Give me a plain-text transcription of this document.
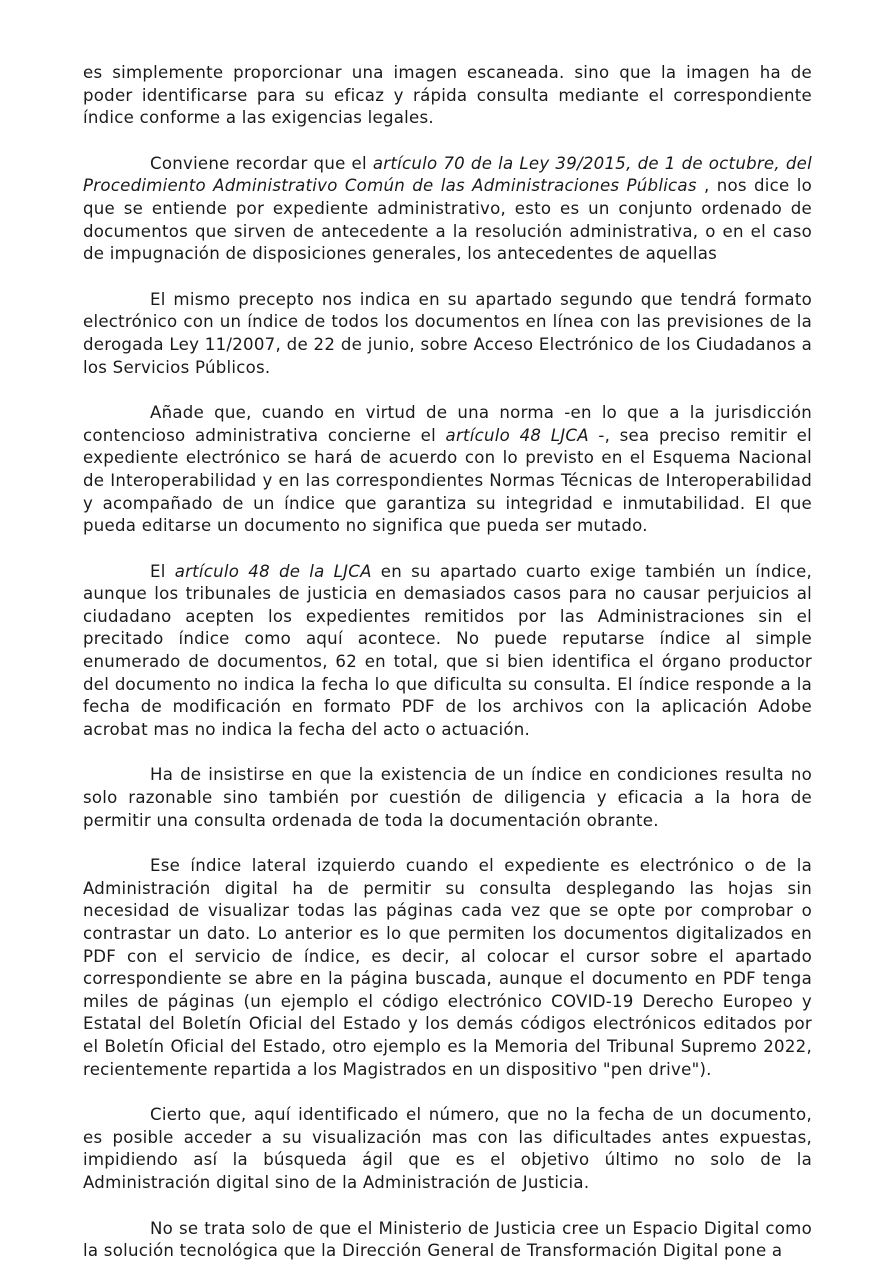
es simplemente proporcionar una imagen escaneada. sino que la imagen ha de poder identificarse para su eficaz y rápida consulta mediante el correspondiente índice conforme a las exigencias legales.

Conviene recordar que el artículo 70 de la Ley 39/2015, de 1 de octubre, del Procedimiento Administrativo Común de las Administraciones Públicas , nos dice lo que se entiende por expediente administrativo, esto es un conjunto ordenado de documentos que sirven de antecedente a la resolución administrativa, o en el caso de impugnación de disposiciones generales, los antecedentes de aquellas

El mismo precepto nos indica en su apartado segundo que tendrá formato electrónico con un índice de todos los documentos en línea con las previsiones de la derogada Ley 11/2007, de 22 de junio, sobre Acceso Electrónico de los Ciudadanos a los Servicios Públicos.

Añade que, cuando en virtud de una norma -en lo que a la jurisdicción contencioso administrativa concierne el artículo 48 LJCA -, sea preciso remitir el expediente electrónico se hará de acuerdo con lo previsto en el Esquema Nacional de Interoperabilidad y en las correspondientes Normas Técnicas de Interoperabilidad y acompañado de un índice que garantiza su integridad e inmutabilidad. El que pueda editarse un documento no significa que pueda ser mutado.

El artículo 48 de la LJCA en su apartado cuarto exige también un índice, aunque los tribunales de justicia en demasiados casos para no causar perjuicios al ciudadano acepten los expedientes remitidos por las Administraciones sin el precitado índice como aquí acontece. No puede reputarse índice al simple enumerado de documentos, 62 en total, que si bien identifica el órgano productor del documento no indica la fecha lo que dificulta su consulta. El índice responde a la fecha de modificación en formato PDF de los archivos con la aplicación Adobe acrobat mas no indica la fecha del acto o actuación.

Ha de insistirse en que la existencia de un índice en condiciones resulta no solo razonable sino también por cuestión de diligencia y eficacia a la hora de permitir una consulta ordenada de toda la documentación obrante.

Ese índice lateral izquierdo cuando el expediente es electrónico o de la Administración digital ha de permitir su consulta desplegando las hojas sin necesidad de visualizar todas las páginas cada vez que se opte por comprobar o contrastar un dato. Lo anterior es lo que permiten los documentos digitalizados en PDF con el servicio de índice, es decir, al colocar el cursor sobre el apartado correspondiente se abre en la página buscada, aunque el documento en PDF tenga miles de páginas (un ejemplo el código electrónico COVID-19 Derecho Europeo y Estatal del Boletín Oficial del Estado y los demás códigos electrónicos editados por el Boletín Oficial del Estado, otro ejemplo es la Memoria del Tribunal Supremo 2022, recientemente repartida a los Magistrados en un dispositivo "pen drive").

Cierto que, aquí identificado el número, que no la fecha de un documento, es posible acceder a su visualización mas con las dificultades antes expuestas, impidiendo así la búsqueda ágil que es el objetivo último no solo de la Administración digital sino de la Administración de Justicia.

No se trata solo de que el Ministerio de Justicia cree un Espacio Digital como la solución tecnológica que la Dirección General de Transformación Digital pone a
